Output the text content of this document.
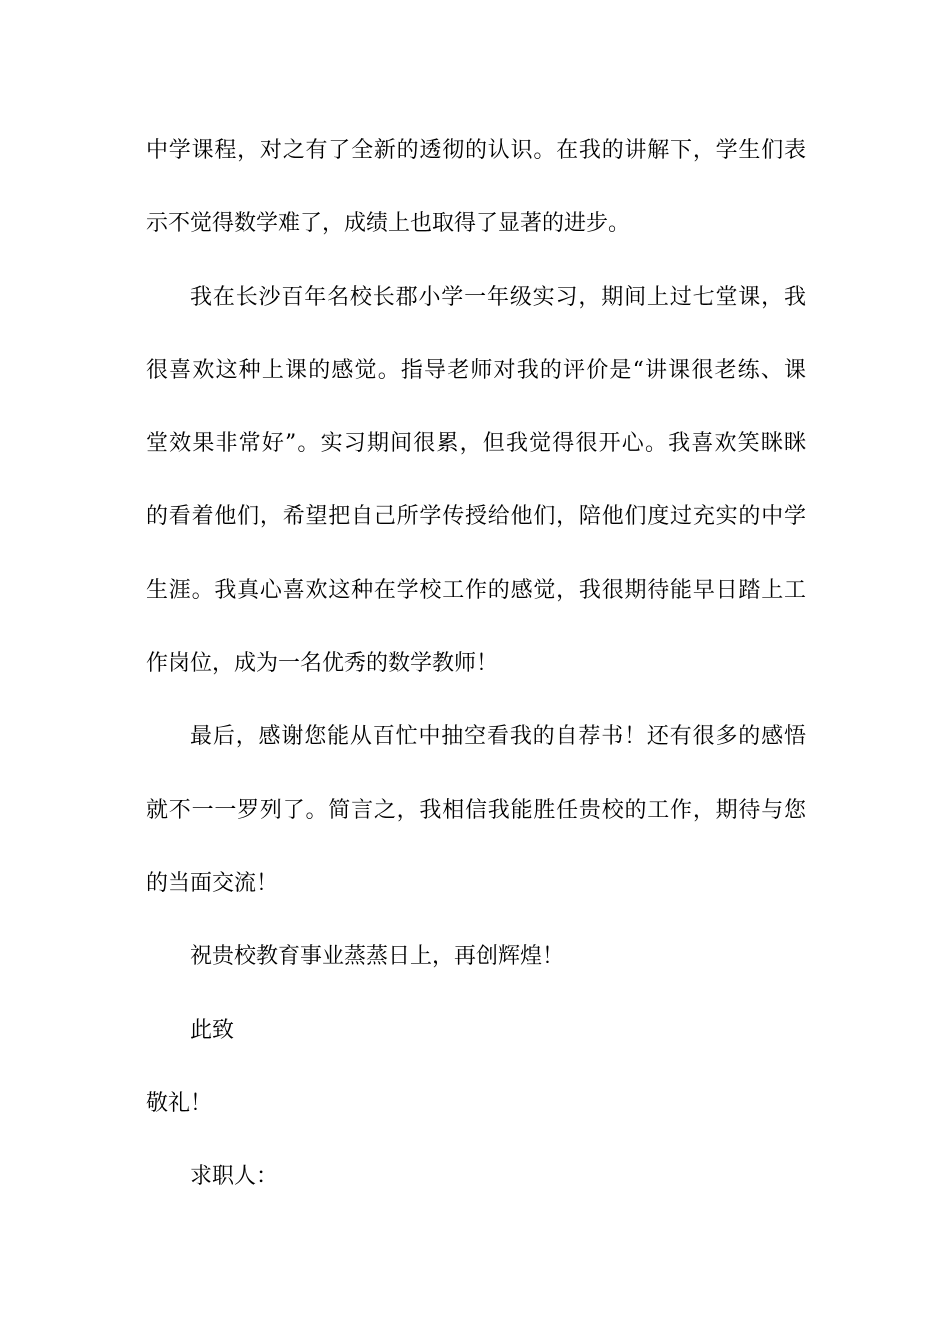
中学课程，对之有了全新的透彻的认识。在我的讲解下，学生们表
示不觉得数学难了，成绩上也取得了显著的进步。
我在长沙百年名校长郡小学一年级实习，期间上过七堂课，我
很喜欢这种上课的感觉。指导老师对我的评价是“讲课很老练、课
堂效果非常好”。实习期间很累，但我觉得很开心。我喜欢笑眯眯
的看着他们，希望把自己所学传授给他们，陪他们度过充实的中学
生涯。我真心喜欢这种在学校工作的感觉，我很期待能早日踏上工
作岗位，成为一名优秀的数学教师！
最后，感谢您能从百忙中抽空看我的自荐书！还有很多的感悟
就不一一罗列了。简言之，我相信我能胜任贵校的工作，期待与您
的当面交流！
祝贵校教育事业蒸蒸日上，再创辉煌！
此致
敬礼！
求职人：
